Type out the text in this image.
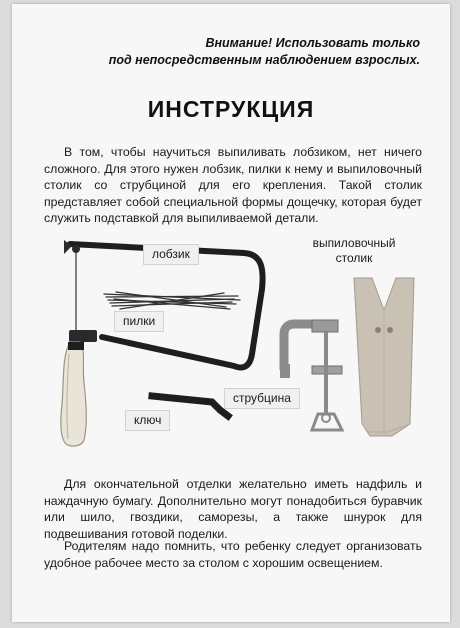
Внимание! Использовать только
под непосредственным наблюдением взрослых.
ИНСТРУКЦИЯ
В том, чтобы научиться выпиливать лобзиком, нет ничего сложного. Для этого нужен лобзик, пилки к нему и выпиловочный столик со струбциной для его крепления. Такой столик представляет собой специальной формы дощечку, которая будет служить подставкой для выпиливаемой детали.
лобзик
пилки
выпиловочный
столик
струбцина
ключ
Для окончательной отделки желательно иметь надфиль и наждачную бумагу. Дополнительно могут понадобиться буравчик или шило, гвоздики, саморезы, а также шнурок для подвешивания готовой поделки.
Родителям надо помнить, что ребенку следует организовать удобное рабочее место за столом с хорошим освещением.
